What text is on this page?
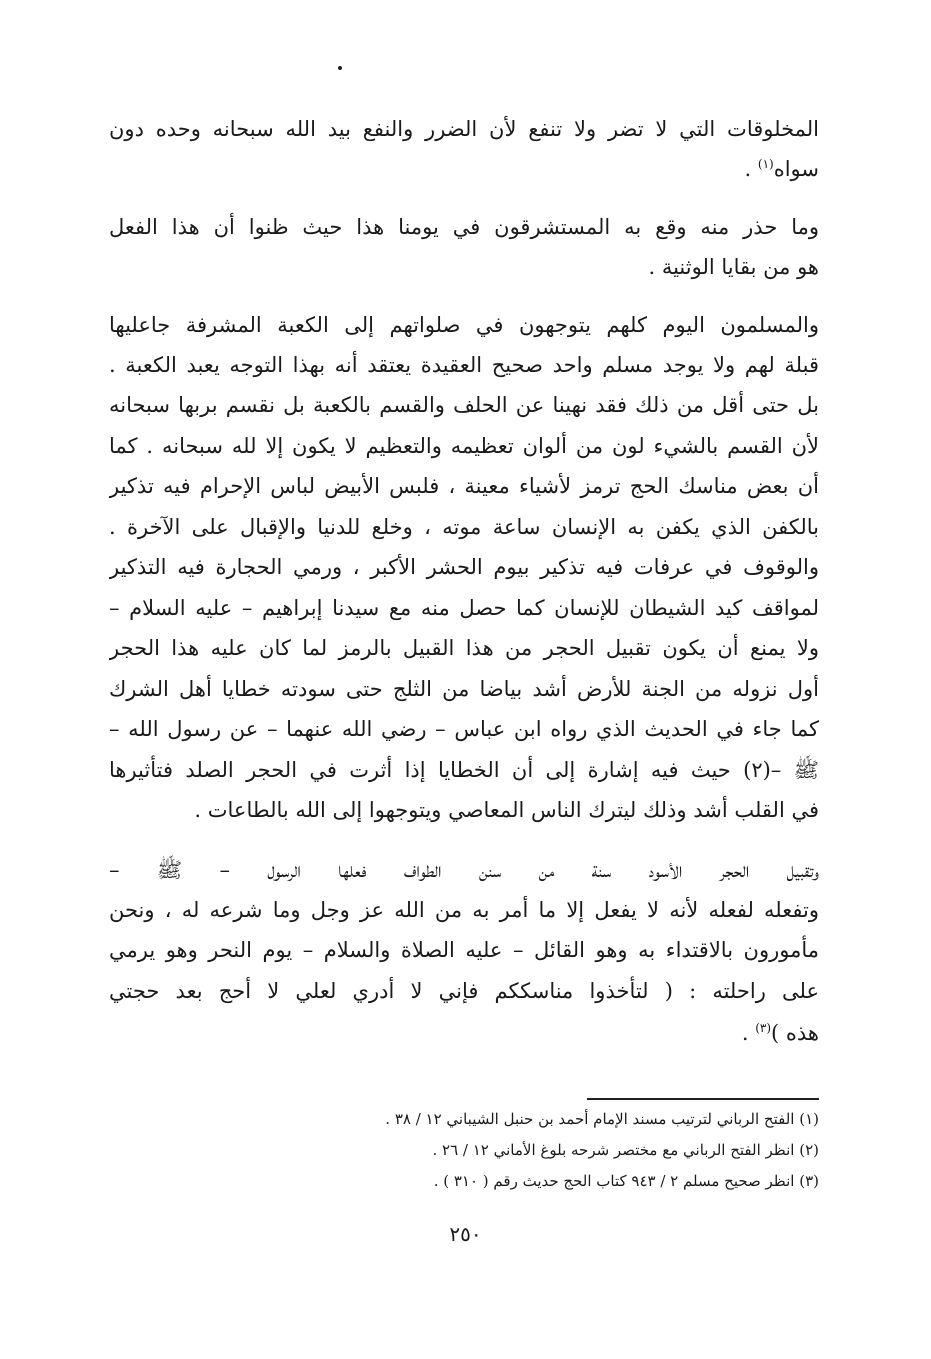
المخلوقات التي لا تضر ولا تنفع لأن الضرر والنفع بيد الله سبحانه وحده دون
سواه$^{(١)}$ .
وما حذر منه وقع به المستشرقون في يومنا هذا حيث ظنوا أن هذا الفعل
هو من بقايا الوثنية .
والمسلمون اليوم كلهم يتوجهون في صلواتهم إلى الكعبة المشرفة جاعليها
قبلة لهم ولا يوجد مسلم واحد صحيح العقيدة يعتقد أنه بهذا التوجه يعبد الكعبة .
بل حتى أقل من ذلك فقد نهينا عن الحلف والقسم بالكعبة بل نقسم بربها سبحانه
لأن القسم بالشيء لون من ألوان تعظيمه والتعظيم لا يكون إلا لله سبحانه . كما
أن بعض مناسك الحج ترمز لأشياء معينة ، فلبس الأبيض لباس الإحرام فيه تذكير
بالكفن الذي يكفن به الإنسان ساعة موته ، وخلع للدنيا والإقبال على الآخرة .
والوقوف في عرفات فيه تذكير بيوم الحشر الأكبر ، ورمي الحجارة فيه التذكير
لمواقف كيد الشيطان للإنسان كما حصل منه مع سيدنا إبراهيم – عليه السلام –
ولا يمنع أن يكون تقبيل الحجر من هذا القبيل بالرمز لما كان عليه هذا الحجر
أول نزوله من الجنة للأرض أشد بياضا من الثلج حتى سودته خطايا أهل الشرك
كما جاء في الحديث الذي رواه ابن عباس – رضي الله عنهما – عن رسول الله –
ﷺ –(٢) حيث فيه إشارة إلى أن الخطايا إذا أثرت في الحجر الصلد فتأثيرها
في القلب أشد وذلك ليترك الناس المعاصي ويتوجهوا إلى الله بالطاعات .
وتقبيل الحجر الأسود سنة من سنن الطواف فعلها الرسول – ﷺ –
وتفعله لفعله لأنه لا يفعل إلا ما أمر به من الله عز وجل وما شرعه له ، ونحن
مأمورون بالاقتداء به وهو القائل – عليه الصلاة والسلام – يوم النحر وهو يرمي
على راحلته : ( لتأخذوا مناسككم فإني لا أدري لعلي لا أحج بعد حجتي
هذه )$^{(٣)}$ .
(١) الفتح الرباني لترتيب مسند الإمام أحمد بن حنبل الشيباني ١٢ / ٣٨ .
(٢) انظر الفتح الرباني مع مختصر شرحه بلوغ الأماني ١٢ / ٢٦ .
(٣) انظر صحيح مسلم ٢ / ٩٤٣ كتاب الحج حديث رقم ( ٣١٠ ) .
٢٥٠
